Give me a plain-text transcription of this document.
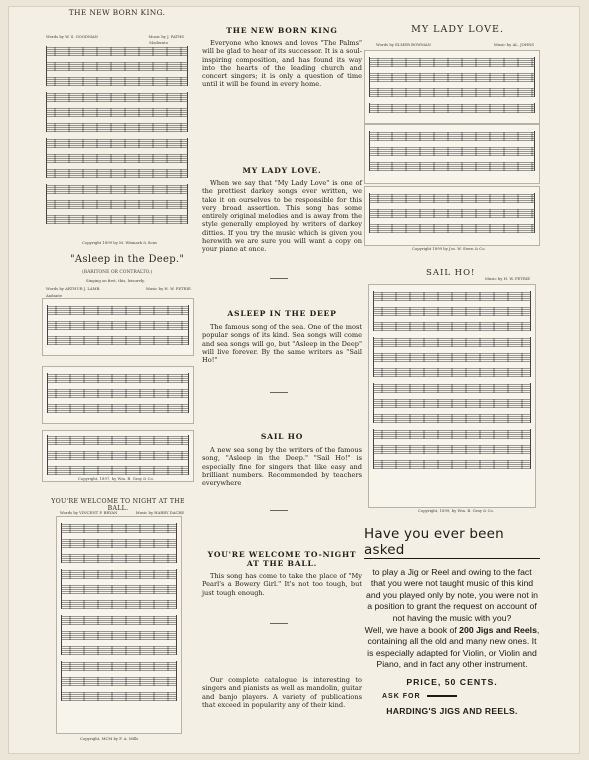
THE NEW BORN KING.
Words by W. S. GOODMAN	Music by J. PATHS
Moderato
Copyright 1899 by M. Witmark & Sons
"Asleep in the Deep."
(BARITONE OR CONTRALTO.)
Singing on first, this, leisurely.
Words by ARTHUR J. LAMB.	Music by H. W. PETRIE.
Andante
Copyright, 1897, by Wm. B. Gray & Co.
YOU'RE WELCOME TO NIGHT AT THE BALL.
Words by VINCENT P. BRYAN	Music by HARRY DACRE
Copyright, MCM by F. A. Mills
THE NEW BORN KING
Everyone who knows and loves "The Palms" will be glad to hear of its successor. It is a soul-inspiring composition, and has found its way into the hearts of the leading church and concert singers; it is only a question of time until it will be found in every home.
MY LADY LOVE.
When we say that "My Lady Love" is one of the prettiest darkey songs ever written, we take it on ourselves to be responsible for this very broad assertion. This song has some entirely original melodies and is away from the style generally employed by writers of darkey ditties. If you try the music which is given you herewith we are sure you will want a copy on your piano at once.
ASLEEP IN THE DEEP
The famous song of the sea. One of the most popular songs of its kind. Sea songs will come and sea songs will go, but "Asleep in the Deep" will live forever. By the same writers as "Sail Ho!"
SAIL HO
A new sea song by the writers of the famous song, "Asleep in the Deep." "Sail Ho!" is especially fine for singers that like easy and brilliant numbers. Recommended by teachers everywhere
YOU'RE WELCOME TO-NIGHT AT THE BALL.
This song has come to take the place of "My Pearl's a Bowery Girl." It's not too tough, but just tough enough.
Our complete catalogue is interesting to singers and pianists as well as mandolin, guitar and banjo players. A variety of publications that exceed in popularity any of their kind.
MY LADY LOVE.
Words by ELMER BOWMAN	Music by AL. JOHNS
Copyright 1899 by Jos. W. Stern & Co.
SAIL HO!
Music by H. W. PETRIE
Copyright, 1899, by Wm. B. Gray & Co.
Have you ever been asked
to play a Jig or Reel and owing to the fact that you were not taught music of this kind and you played only by note, you were not in a position to grant the request on account of not having the music with you?
Well, we have a book of 200 Jigs and Reels, containing all the old and many new ones. It is especially adapted for Violin, or Violin and Piano, and in fact any other instrument.
PRICE, 50 CENTS.
ASK FOR
HARDING'S JIGS AND REELS.
